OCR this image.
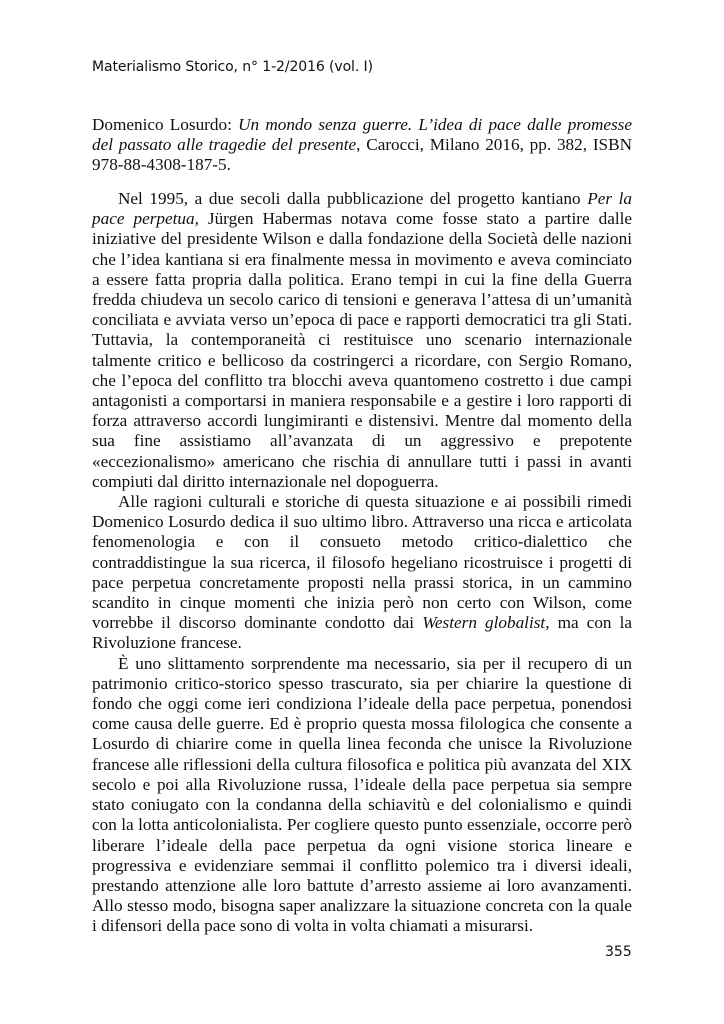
Materialismo Storico, n° 1-2/2016 (vol. I)
Domenico Losurdo: Un mondo senza guerre. L’idea di pace dalle promesse del passato alle tragedie del presente, Carocci, Milano 2016, pp. 382, ISBN 978-88-4308-187-5.

Nel 1995, a due secoli dalla pubblicazione del progetto kantiano Per la pace perpetua, Jürgen Habermas notava come fosse stato a partire dalle iniziative del presidente Wilson e dalla fondazione della Società delle nazioni che l’idea kantiana si era finalmente messa in movimento e aveva cominciato a essere fatta propria dalla politica. Erano tempi in cui la fine della Guerra fredda chiudeva un secolo carico di tensioni e generava l’attesa di un’umanità conciliata e avviata verso un’epoca di pace e rapporti democratici tra gli Stati. Tuttavia, la contemporaneità ci restituisce uno scenario internazionale talmente critico e bellicoso da costringerci a ricordare, con Sergio Romano, che l’epoca del conflitto tra blocchi aveva quantomeno costretto i due campi antagonisti a comportarsi in maniera responsabile e a gestire i loro rapporti di forza attraverso accordi lungimiranti e distensivi. Mentre dal momento della sua fine assistiamo all’avanzata di un aggressivo e prepotente «eccezionalismo» americano che rischia di annullare tutti i passi in avanti compiuti dal diritto internazionale nel dopoguerra.

Alle ragioni culturali e storiche di questa situazione e ai possibili rimedi Domenico Losurdo dedica il suo ultimo libro. Attraverso una ricca e articolata fenomenologia e con il consueto metodo critico-dialettico che contraddistingue la sua ricerca, il filosofo hegeliano ricostruisce i progetti di pace perpetua concretamente proposti nella prassi storica, in un cammino scandito in cinque momenti che inizia però non certo con Wilson, come vorrebbe il discorso dominante condotto dai Western globalist, ma con la Rivoluzione francese.

È uno slittamento sorprendente ma necessario, sia per il recupero di un patrimonio critico-storico spesso trascurato, sia per chiarire la questione di fondo che oggi come ieri condiziona l’ideale della pace perpetua, ponendosi come causa delle guerre. Ed è proprio questa mossa filologica che consente a Losurdo di chiarire come in quella linea feconda che unisce la Rivoluzione francese alle riflessioni della cultura filosofica e politica più avanzata del XIX secolo e poi alla Rivoluzione russa, l’ideale della pace perpetua sia sempre stato coniugato con la condanna della schiavitù e del colonialismo e quindi con la lotta anticolonialista. Per cogliere questo punto essenziale, occorre però liberare l’ideale della pace perpetua da ogni visione storica lineare e progressiva e evidenziare semmai il conflitto polemico tra i diversi ideali, prestando attenzione alle loro battute d’arresto assieme ai loro avanzamenti. Allo stesso modo, bisogna saper analizzare la situazione concreta con la quale i difensori della pace sono di volta in volta chiamati a misurarsi.

355
